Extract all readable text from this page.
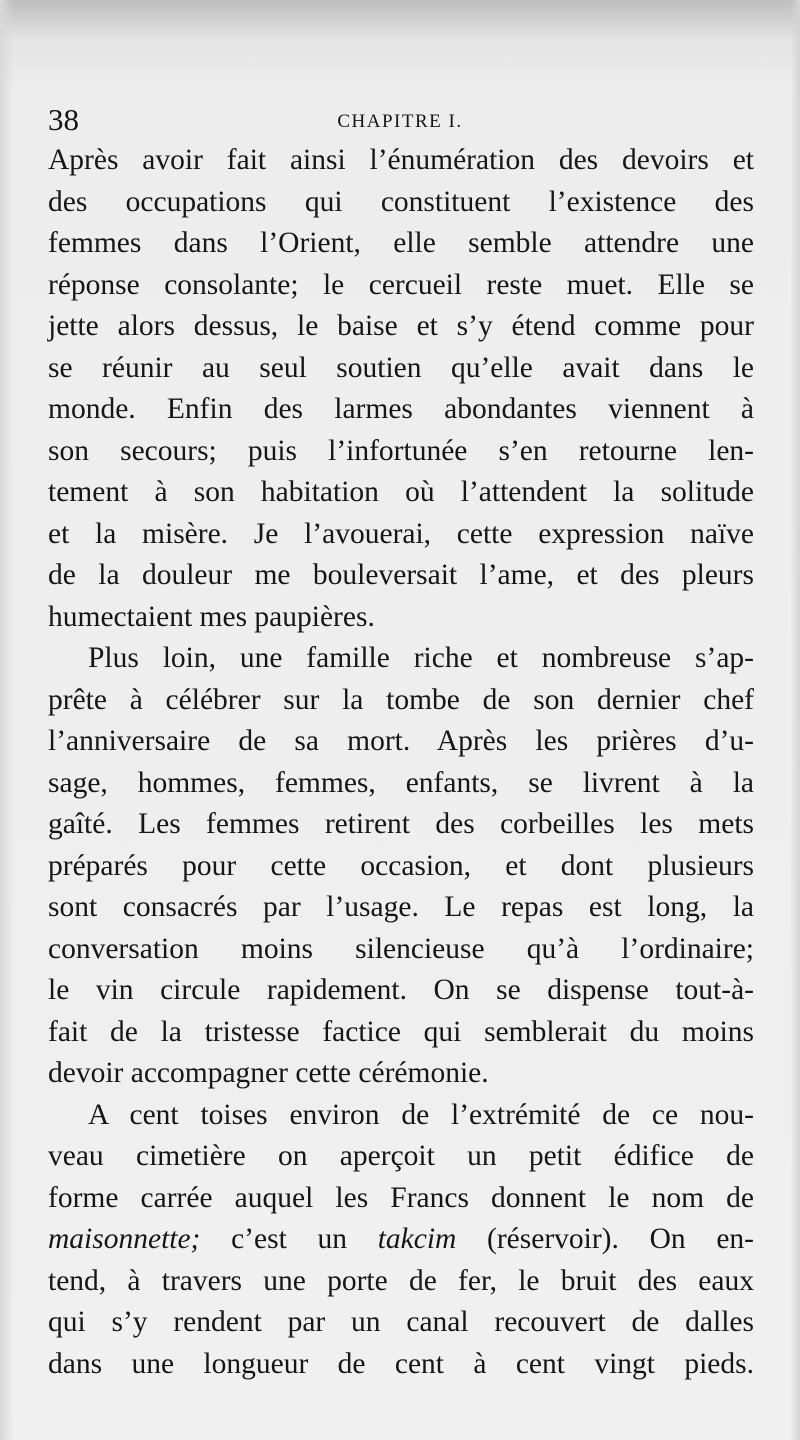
38	CHAPITRE I.
Après avoir fait ainsi l’énumération des devoirs et
des occupations qui constituent l’existence des
femmes dans l’Orient, elle semble attendre une
réponse consolante; le cercueil reste muet. Elle se
jette alors dessus, le baise et s’y étend comme pour
se réunir au seul soutien qu’elle avait dans le
monde. Enfin des larmes abondantes viennent à
son secours; puis l’infortunée s’en retourne len-
tement à son habitation où l’attendent la solitude
et la misère. Je l’avouerai, cette expression naïve
de la douleur me bouleversait l’ame, et des pleurs
humectaient mes paupières.
Plus loin, une famille riche et nombreuse s’ap-
prête à célébrer sur la tombe de son dernier chef
l’anniversaire de sa mort. Après les prières d’u-
sage, hommes, femmes, enfants, se livrent à la
gaîté. Les femmes retirent des corbeilles les mets
préparés pour cette occasion, et dont plusieurs
sont consacrés par l’usage. Le repas est long, la
conversation moins silencieuse qu’à l’ordinaire;
le vin circule rapidement. On se dispense tout-à-
fait de la tristesse factice qui semblerait du moins
devoir accompagner cette cérémonie.
A cent toises environ de l’extrémité de ce nou-
veau cimetière on aperçoit un petit édifice de
forme carrée auquel les Francs donnent le nom de
maisonnette; c’est un takcim (réservoir). On en-
tend, à travers une porte de fer, le bruit des eaux
qui s’y rendent par un canal recouvert de dalles
dans une longueur de cent à cent vingt pieds.
